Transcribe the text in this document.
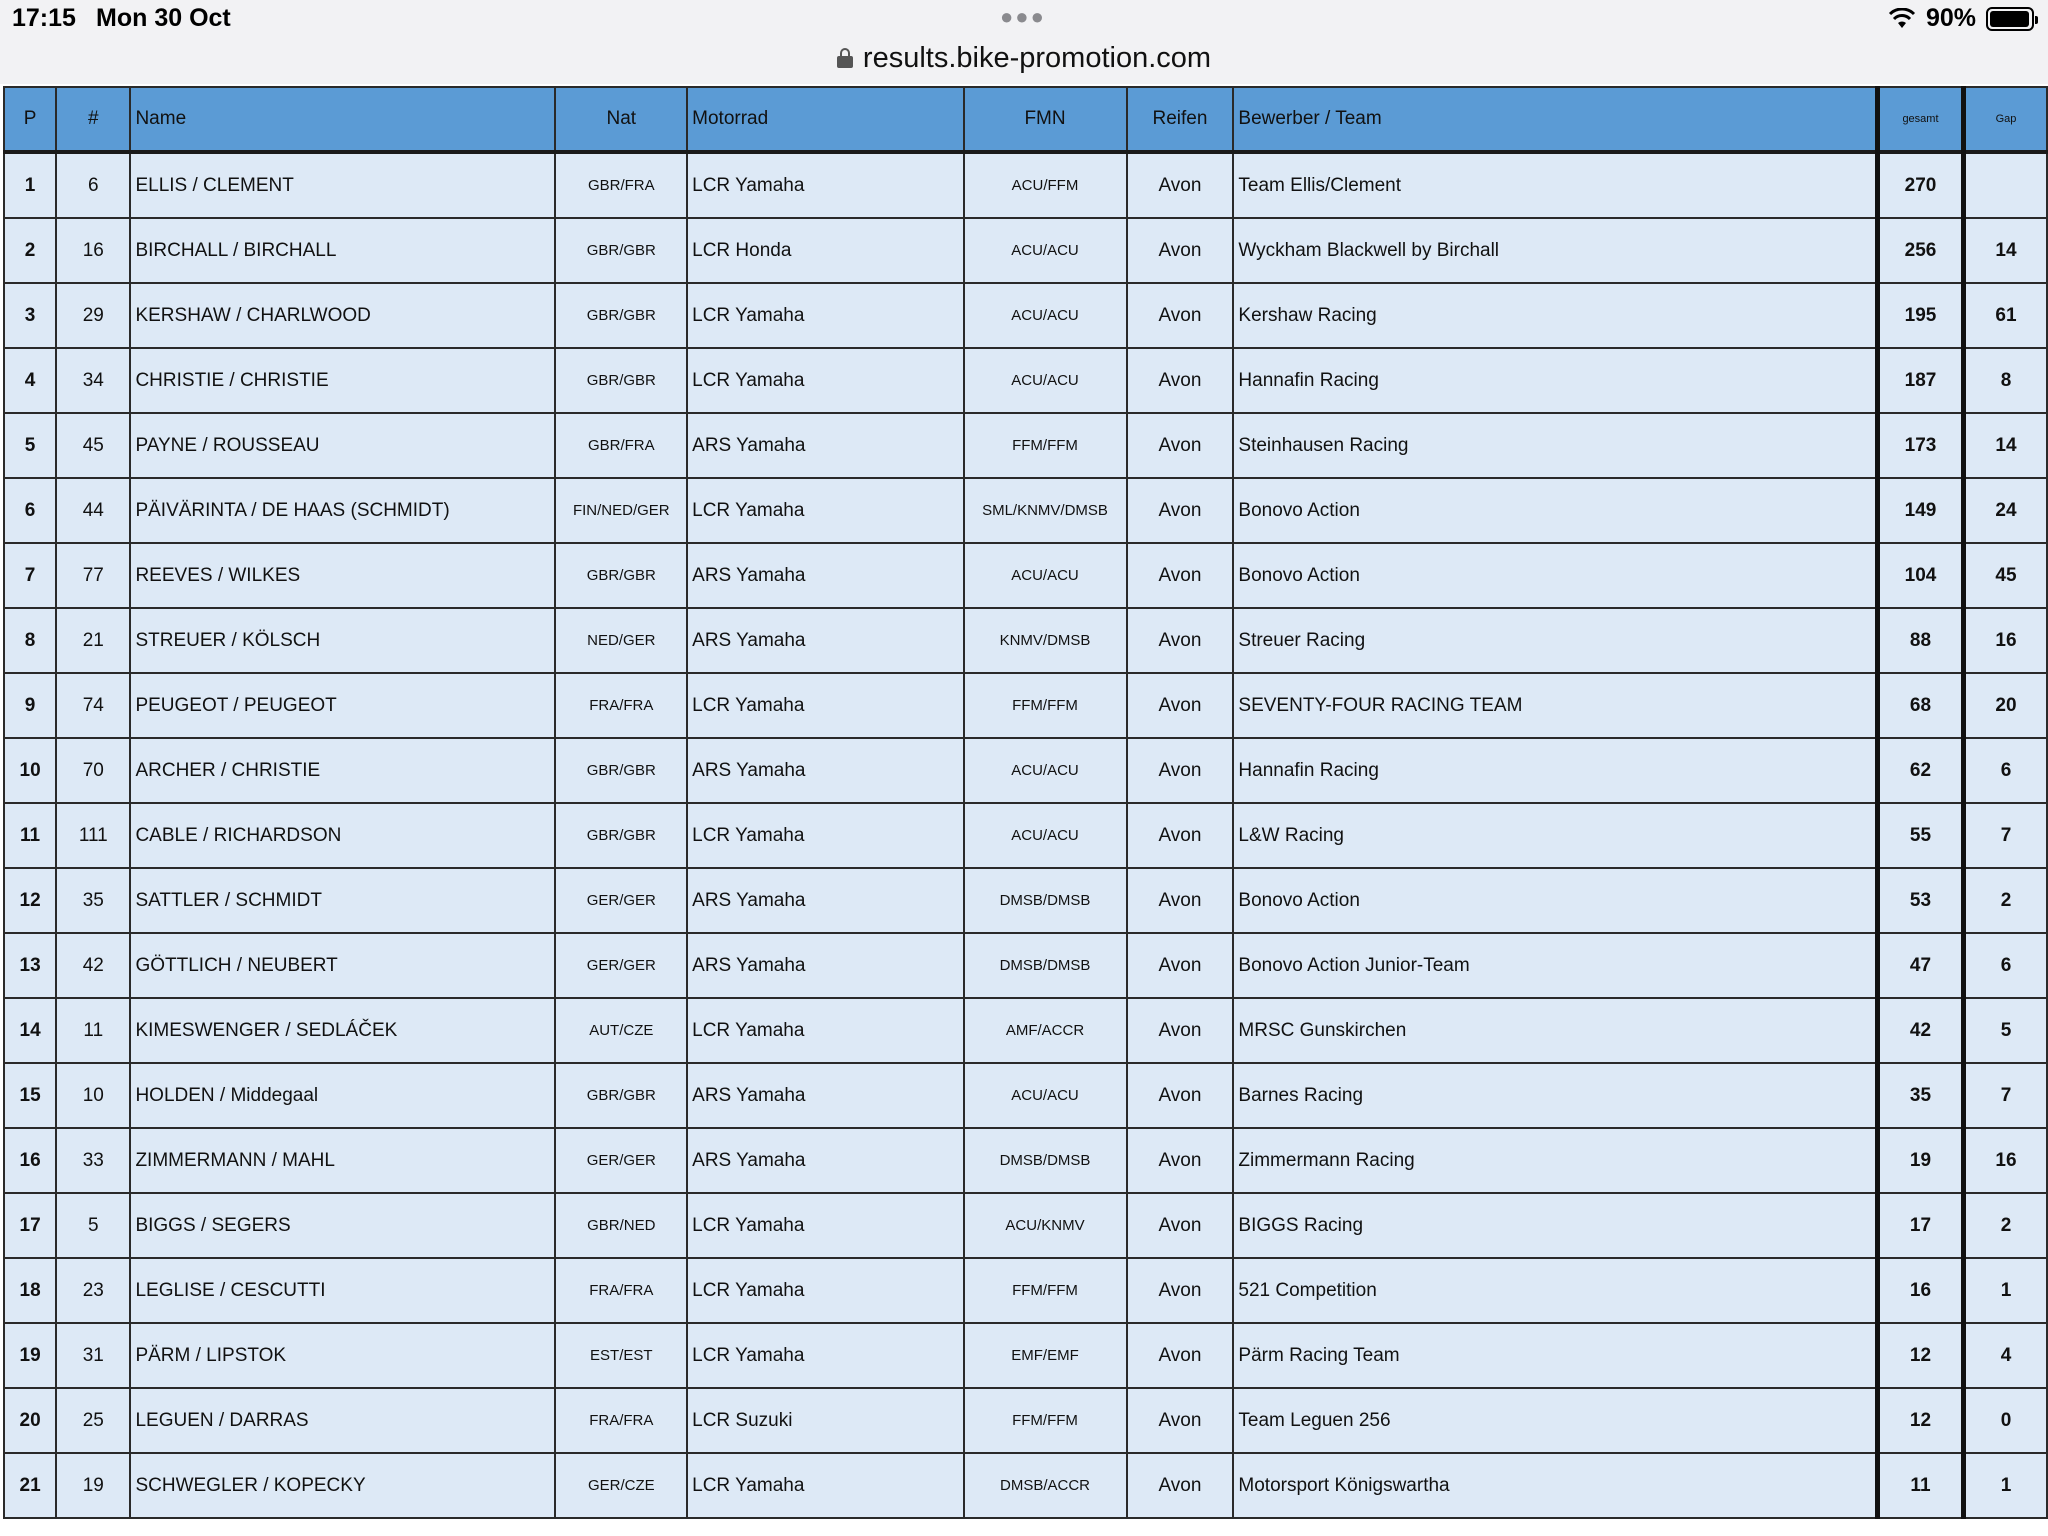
17:15 Mon 30 Oct	●●●	90%
results.bike-promotion.com
P	#	Name	Nat	Motorrad	FMN	Reifen	Bewerber / Team	gesamt	Gap
1	6	ELLIS / CLEMENT	GBR/FRA	LCR Yamaha	ACU/FFM	Avon	Team Ellis/Clement	270	
2	16	BIRCHALL / BIRCHALL	GBR/GBR	LCR Honda	ACU/ACU	Avon	Wyckham Blackwell by Birchall	256	14
3	29	KERSHAW / CHARLWOOD	GBR/GBR	LCR Yamaha	ACU/ACU	Avon	Kershaw Racing	195	61
4	34	CHRISTIE / CHRISTIE	GBR/GBR	LCR Yamaha	ACU/ACU	Avon	Hannafin Racing	187	8
5	45	PAYNE / ROUSSEAU	GBR/FRA	ARS Yamaha	FFM/FFM	Avon	Steinhausen Racing	173	14
6	44	PÄIVÄRINTA / DE HAAS (SCHMIDT)	FIN/NED/GER	LCR Yamaha	SML/KNMV/DMSB	Avon	Bonovo Action	149	24
7	77	REEVES / WILKES	GBR/GBR	ARS Yamaha	ACU/ACU	Avon	Bonovo Action	104	45
8	21	STREUER / KÖLSCH	NED/GER	ARS Yamaha	KNMV/DMSB	Avon	Streuer Racing	88	16
9	74	PEUGEOT / PEUGEOT	FRA/FRA	LCR Yamaha	FFM/FFM	Avon	SEVENTY-FOUR RACING TEAM	68	20
10	70	ARCHER / CHRISTIE	GBR/GBR	ARS Yamaha	ACU/ACU	Avon	Hannafin Racing	62	6
11	111	CABLE / RICHARDSON	GBR/GBR	LCR Yamaha	ACU/ACU	Avon	L&W Racing	55	7
12	35	SATTLER / SCHMIDT	GER/GER	ARS Yamaha	DMSB/DMSB	Avon	Bonovo Action	53	2
13	42	GÖTTLICH / NEUBERT	GER/GER	ARS Yamaha	DMSB/DMSB	Avon	Bonovo Action Junior-Team	47	6
14	11	KIMESWENGER / SEDLÁČEK	AUT/CZE	LCR Yamaha	AMF/ACCR	Avon	MRSC Gunskirchen	42	5
15	10	HOLDEN / Middegaal	GBR/GBR	ARS Yamaha	ACU/ACU	Avon	Barnes Racing	35	7
16	33	ZIMMERMANN / MAHL	GER/GER	ARS Yamaha	DMSB/DMSB	Avon	Zimmermann Racing	19	16
17	5	BIGGS / SEGERS	GBR/NED	LCR Yamaha	ACU/KNMV	Avon	BIGGS Racing	17	2
18	23	LEGLISE / CESCUTTI	FRA/FRA	LCR Yamaha	FFM/FFM	Avon	521 Competition	16	1
19	31	PÄRM / LIPSTOK	EST/EST	LCR Yamaha	EMF/EMF	Avon	Pärm Racing Team	12	4
20	25	LEGUEN / DARRAS	FRA/FRA	LCR Suzuki	FFM/FFM	Avon	Team Leguen 256	12	0
21	19	SCHWEGLER / KOPECKY	GER/CZE	LCR Yamaha	DMSB/ACCR	Avon	Motorsport Königswartha	11	1
